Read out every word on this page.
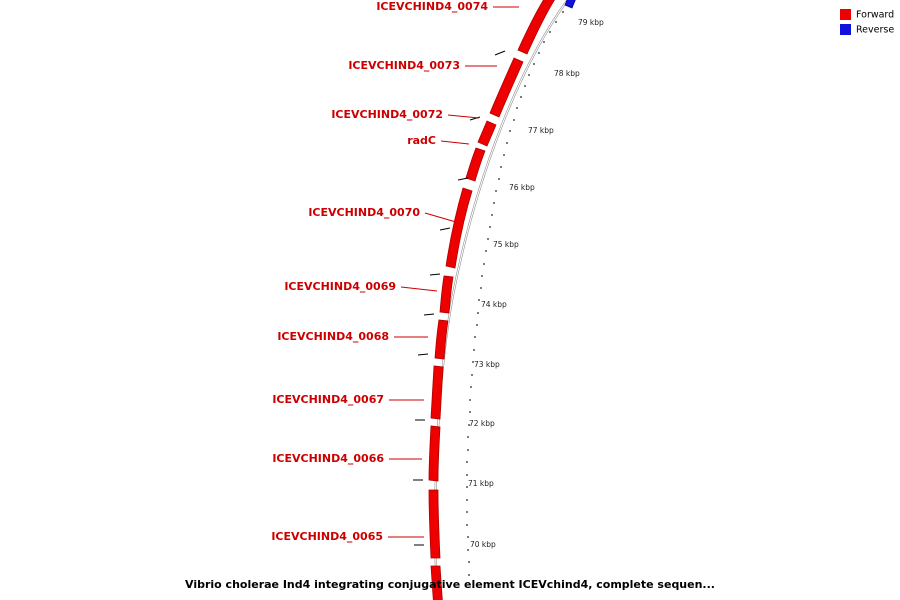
ICEVCHIND4_0074
ICEVCHIND4_0073
ICEVCHIND4_0072
radC
ICEVCHIND4_0070
ICEVCHIND4_0069
ICEVCHIND4_0068
ICEVCHIND4_0067
ICEVCHIND4_0066
ICEVCHIND4_0065
79 kbp
78 kbp
77 kbp
76 kbp
75 kbp
74 kbp
73 kbp
72 kbp
71 kbp
70 kbp
Forward
Reverse
Vibrio cholerae Ind4 integrating conjugative element ICEVchind4, complete sequen...
